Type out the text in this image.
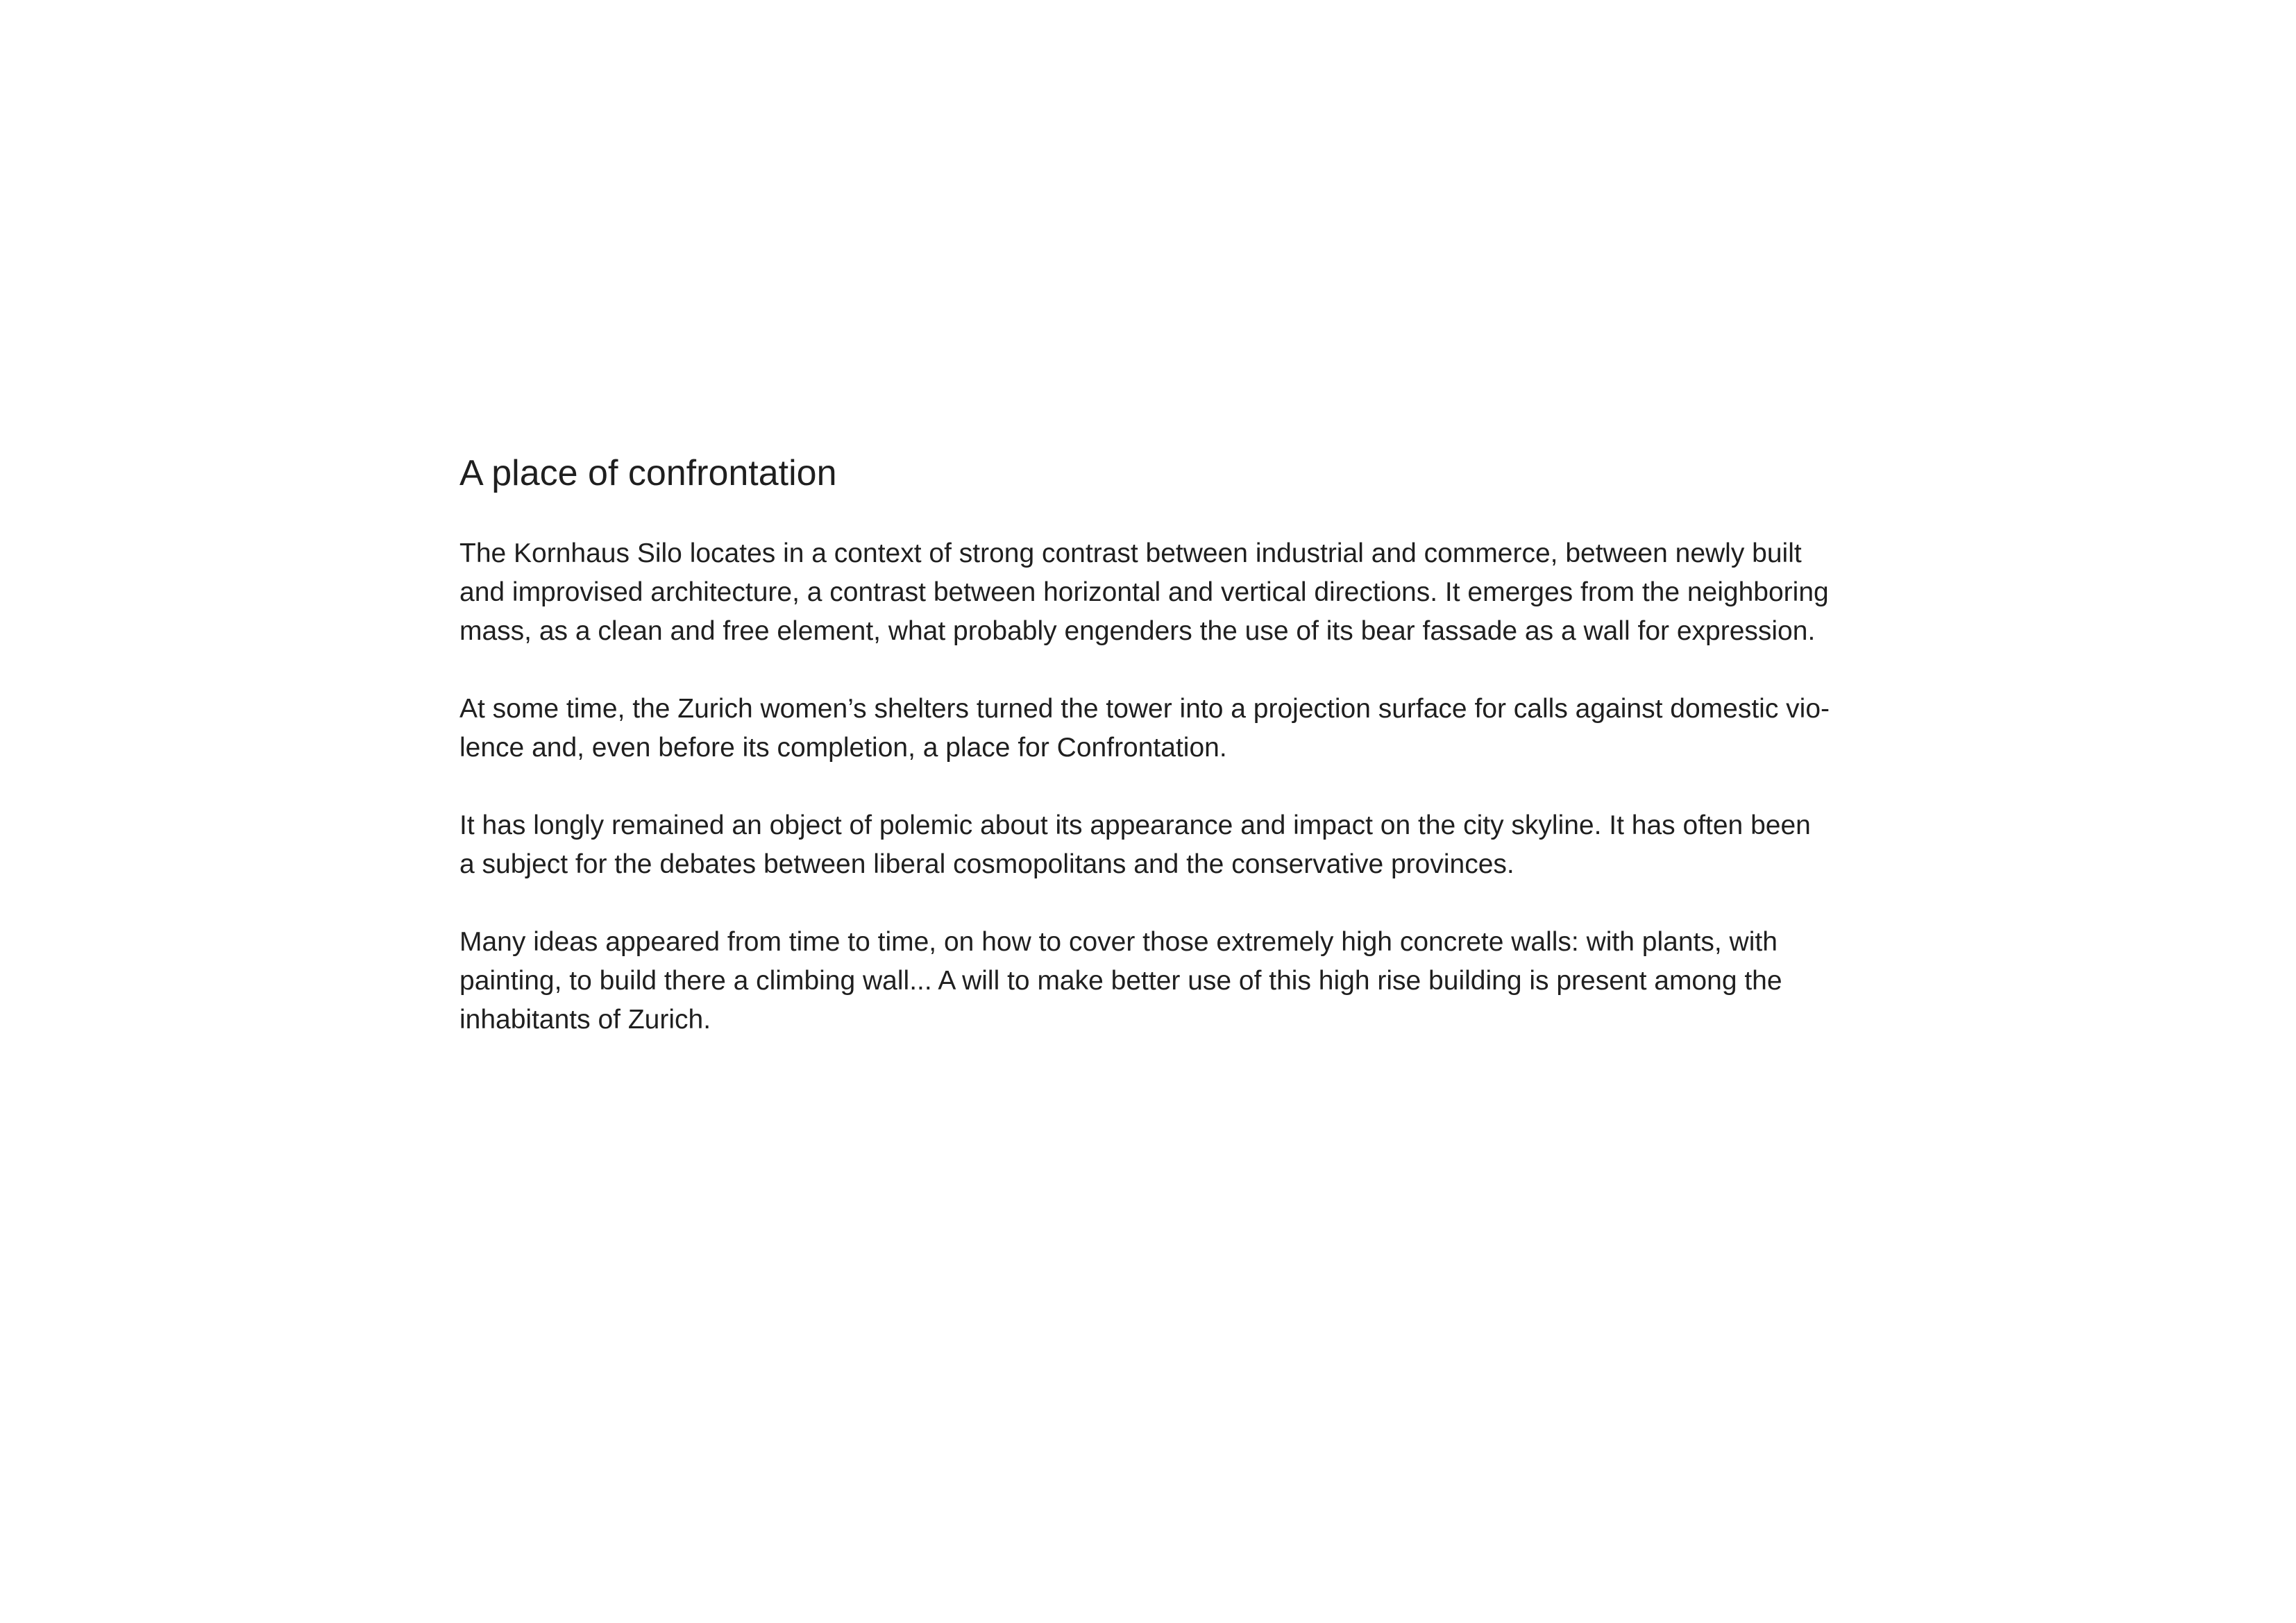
A place of confrontation

The Kornhaus Silo locates in a context of strong contrast between industrial and commerce, between newly built
and improvised architecture, a contrast between horizontal and vertical directions. It emerges from the neighboring
mass, as a clean and free element, what probably engenders the use of its bear fassade as a wall for expression.

At some time, the Zurich women’s shelters turned the tower into a projection surface for calls against domestic vio-
lence and, even before its completion, a place for Confrontation.

It has longly remained an object of polemic about its appearance and impact on the city skyline. It has often been
a subject for the debates between liberal cosmopolitans and the conservative provinces.

Many ideas appeared from time to time, on how to cover those extremely high concrete walls: with plants, with
painting, to build there a climbing wall... A will to make better use of this high rise building is present among the
inhabitants of Zurich.
